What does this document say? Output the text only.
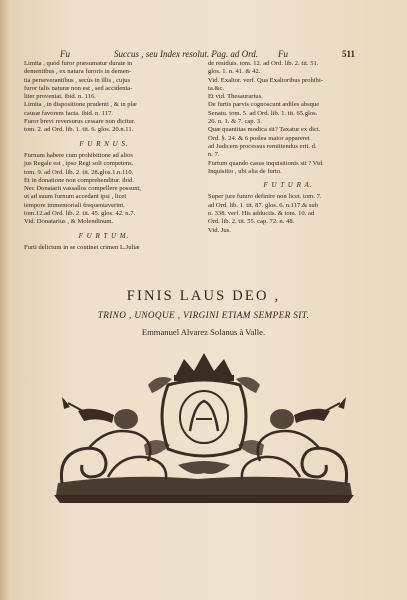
Fu	Succus , seu Index resolut. Pag. ad Ord. Fu	511
Limita , quòd furor præsumatur durate in
dementibus , ex natura furoris in demen-
tia perseverantibus , secùs in illis , cujus
furor talis naturæ non est , sed accidenta-
liter proveniat. ibid. n. 116.
Limita , in dispositione prudenti , & in plæ
causæ favorem facta. ibid. n. 117.
Furor brevi reversurus cessare non dicitur.
tom. 2. ad Ord. lib. 1. tit. 6. glos. 20.n.11.
F U R N U S.
Furnum habere cum prohibitione ad alios
jus Regale est , ipso Regi soli competens.
tom. 9. ad Ord. lib. 2. tit. 28.glos.1.n.110.
Et in donatione non comprehenditur. ibid.
Nec Donatarii vassallos compellere possunt,
ut ad suum furnum accedant ipsi , licet
tempore immemoriali frequentaverint.
tom.12.ad Ord. lib. 2. tit. 45. glos. 42. n.7.
Vid. Donatarius , & Molendinum.
F U R T U M.
Furti delictum in se continet crimen L.Juliæ
de residuis. tom. 12. ad Ord. lib. 2. tit. 51.
glos. 1. n. 41. & 42.
Vid. Exaltor. verf. Qua Exaltoribus prohibi-
ta.&c.
Et vid. Thesaurarius.
De furtis parvis cognoscunt ædiles absque
Senatu. tom. 5. ad Ord. lib. 1. tit. 65.glos.
26. n. 1. & 7. cap. 3.
Quæ quantitas modica sit? Taxatur ex dict.
Ord. §. 24. & 6 poslea maior appareret
ad Judicem processus remittendus erit. d.
n. 7.
Furtum quando casus inquisitionis sit ? Vid.
Inquisitio , ubi alia de furto.
F U T U R A.
Super jure futuro definire non licet. tom. 7.
ad Ord. lib. 1. tit. 87. glos. 6. n.117.& sub
n. 338. verf. His adductis. & tom. 10. ad
Ord. lib. 2. tit. 55. cap. 72. n. 48.
Vid. Jus.
FINIS LAUS DEO ,
TRINO , UNOQUE , VIRGINI ETIAM SEMPER SIT.
Emmanuel Alvarez Solanus à Valle.
